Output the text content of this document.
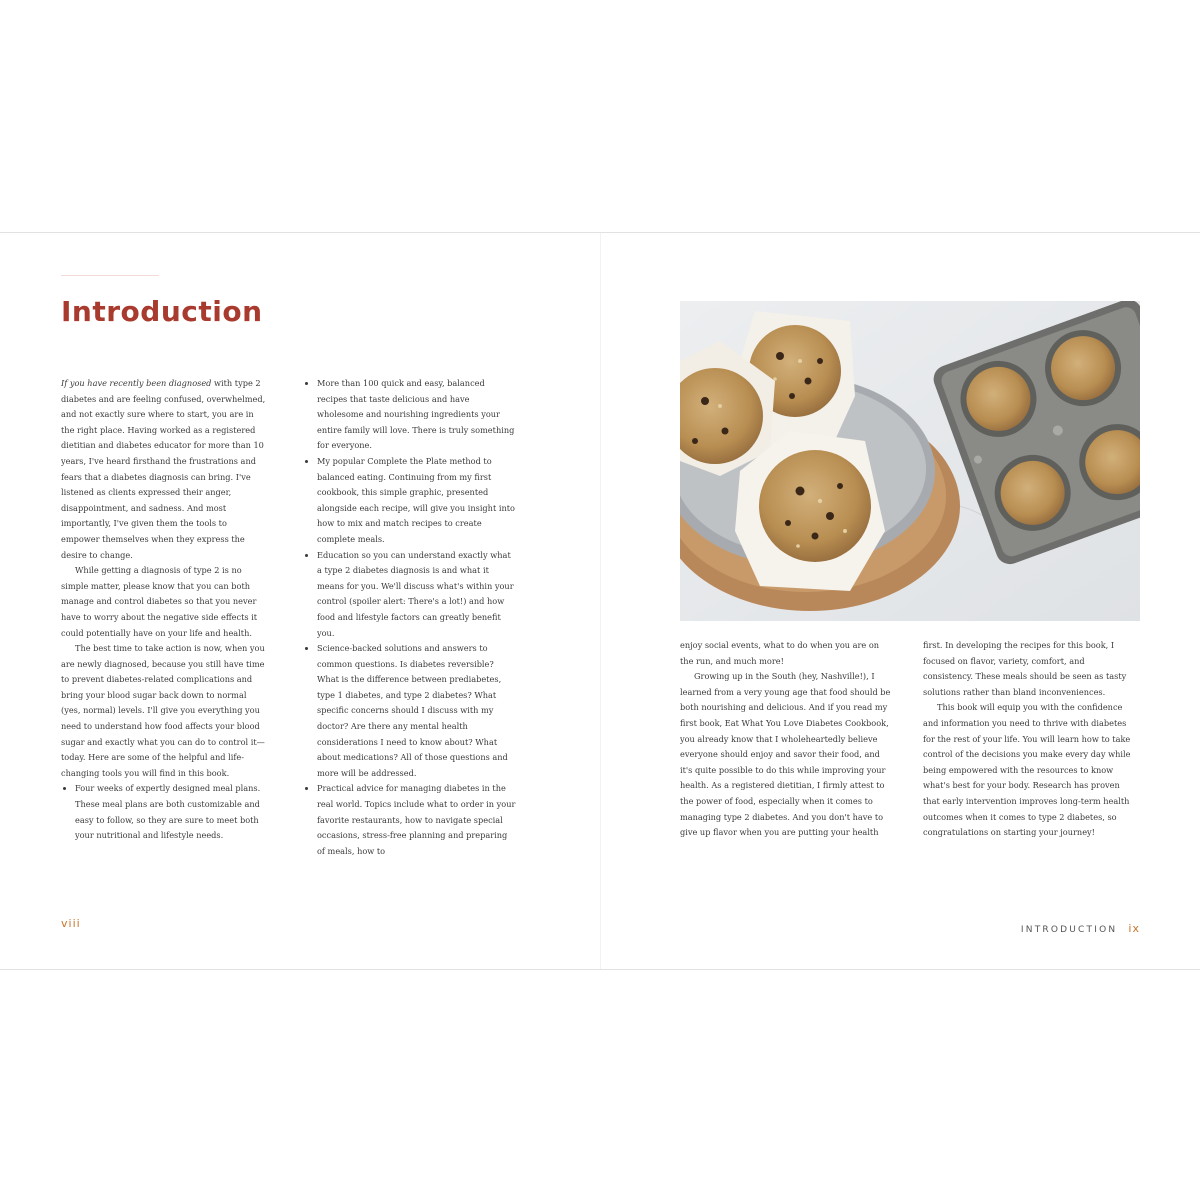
Introduction

If you have recently been diagnosed with type 2 diabetes and are feeling confused, overwhelmed, and not exactly sure where to start, you are in the right place. Having worked as a registered dietitian and diabetes educator for more than 10 years, I've heard firsthand the frustrations and fears that a diabetes diagnosis can bring. I've listened as clients expressed their anger, disappointment, and sadness. And most importantly, I've given them the tools to empower themselves when they express the desire to change.

While getting a diagnosis of type 2 is no simple matter, please know that you can both manage and control diabetes so that you never have to worry about the negative side effects it could potentially have on your life and health.

The best time to take action is now, when you are newly diagnosed, because you still have time to prevent diabetes-related complications and bring your blood sugar back down to normal (yes, normal) levels. I'll give you everything you need to understand how food affects your blood sugar and exactly what you can do to control it—today. Here are some of the helpful and life-changing tools you will find in this book.

• Four weeks of expertly designed meal plans. These meal plans are both customizable and easy to follow, so they are sure to meet both your nutritional and lifestyle needs.
• More than 100 quick and easy, balanced recipes that taste delicious and have wholesome and nourishing ingredients your entire family will love. There is truly something for everyone.
• My popular Complete the Plate method to balanced eating. Continuing from my first cookbook, this simple graphic, presented alongside each recipe, will give you insight into how to mix and match recipes to create complete meals.
• Education so you can understand exactly what a type 2 diabetes diagnosis is and what it means for you. We'll discuss what's within your control (spoiler alert: There's a lot!) and how food and lifestyle factors can greatly benefit you.
• Science-backed solutions and answers to common questions. Is diabetes reversible? What is the difference between prediabetes, type 1 diabetes, and type 2 diabetes? What specific concerns should I discuss with my doctor? Are there any mental health considerations I need to know about? What about medications? All of those questions and more will be addressed.
• Practical advice for managing diabetes in the real world. Topics include what to order in your favorite restaurants, how to navigate special occasions, stress-free planning and preparing of meals, how to

enjoy social events, what to do when you are on the run, and much more!

Growing up in the South (hey, Nashville!), I learned from a very young age that food should be both nourishing and delicious. And if you read my first book, Eat What You Love Diabetes Cookbook, you already know that I wholeheartedly believe everyone should enjoy and savor their food, and it's quite possible to do this while improving your health. As a registered dietitian, I firmly attest to the power of food, especially when it comes to managing type 2 diabetes. And you don't have to give up flavor when you are putting your health

first. In developing the recipes for this book, I focused on flavor, variety, comfort, and consistency. These meals should be seen as tasty solutions rather than bland inconveniences.

This book will equip you with the confidence and information you need to thrive with diabetes for the rest of your life. You will learn how to take control of the decisions you make every day while being empowered with the resources to know what's best for your body. Research has proven that early intervention improves long-term health outcomes when it comes to type 2 diabetes, so congratulations on starting your journey!

viii	INTRODUCTION ix
